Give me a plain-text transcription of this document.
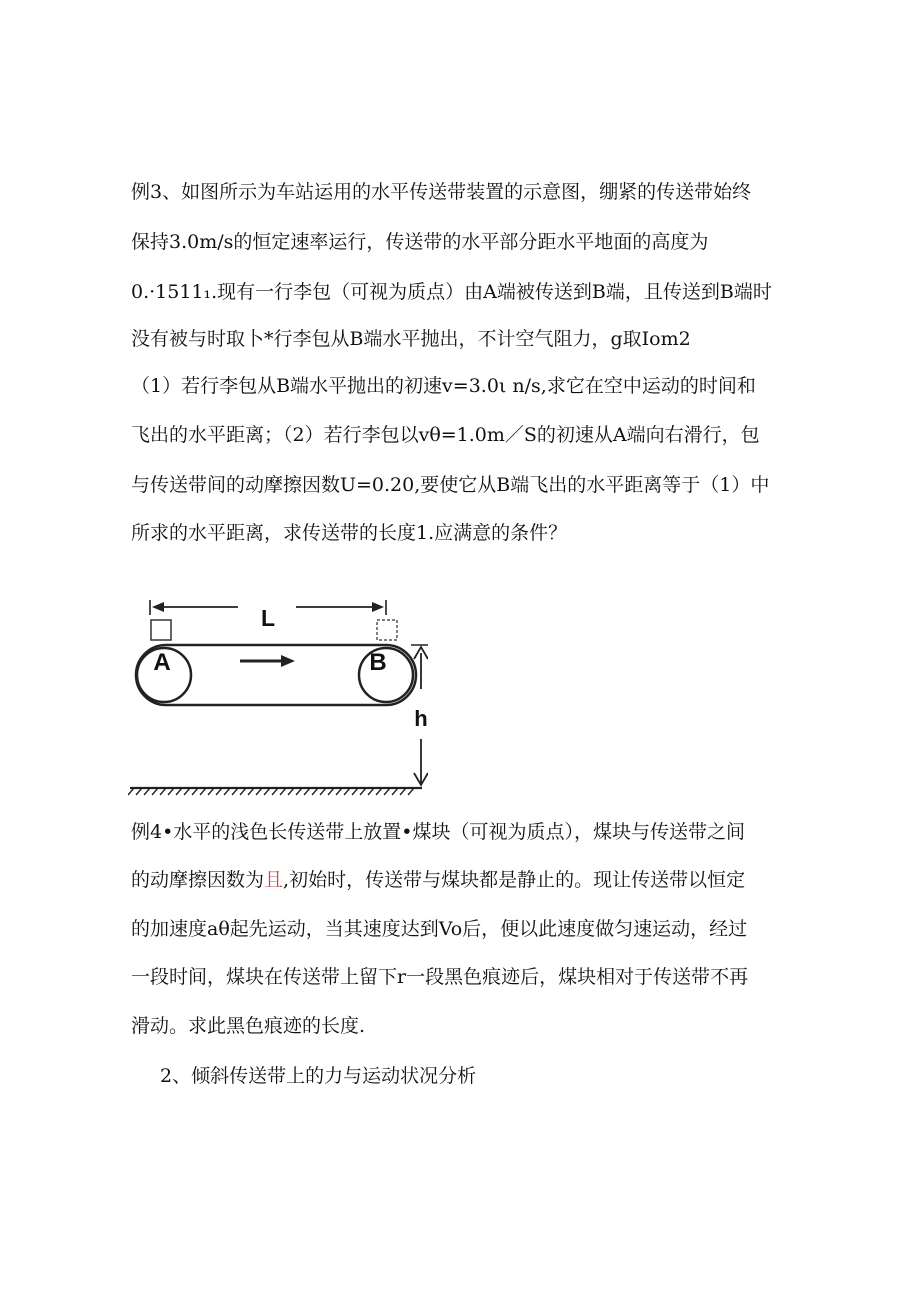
例3、如图所示为车站运用的水平传送带装置的示意图，绷紧的传送带始终
保持3.0m/s的恒定速率运行，传送带的水平部分距水平地面的高度为
0.·1511₁.现有一行李包（可视为质点）由A端被传送到B端，且传送到B端时
没有被与时取卜*行李包从B端水平抛出，不计空气阻力，g取Iom2
（1）若行李包从B端水平抛出的初速v=3.0ι n/s,求它在空中运动的时间和
飞出的水平距离；（2）若行李包以vθ=1.0m／S的初速从A端向右滑行，包
与传送带间的动摩擦因数U=0.20,要使它从B端飞出的水平距离等于（1）中
所求的水平距离，求传送带的长度1.应满意的条件？
L
A	B
h
例4•水平的浅色长传送带上放置•煤块（可视为质点），煤块与传送带之间
的动摩擦因数为且,初始时，传送带与煤块都是静止的。现让传送带以恒定
的加速度aθ起先运动，当其速度达到Vo后，便以此速度做匀速运动，经过
一段时间，煤块在传送带上留下r一段黑色痕迹后，煤块相对于传送带不再
滑动。求此黑色痕迹的长度.
2、倾斜传送带上的力与运动状况分析
